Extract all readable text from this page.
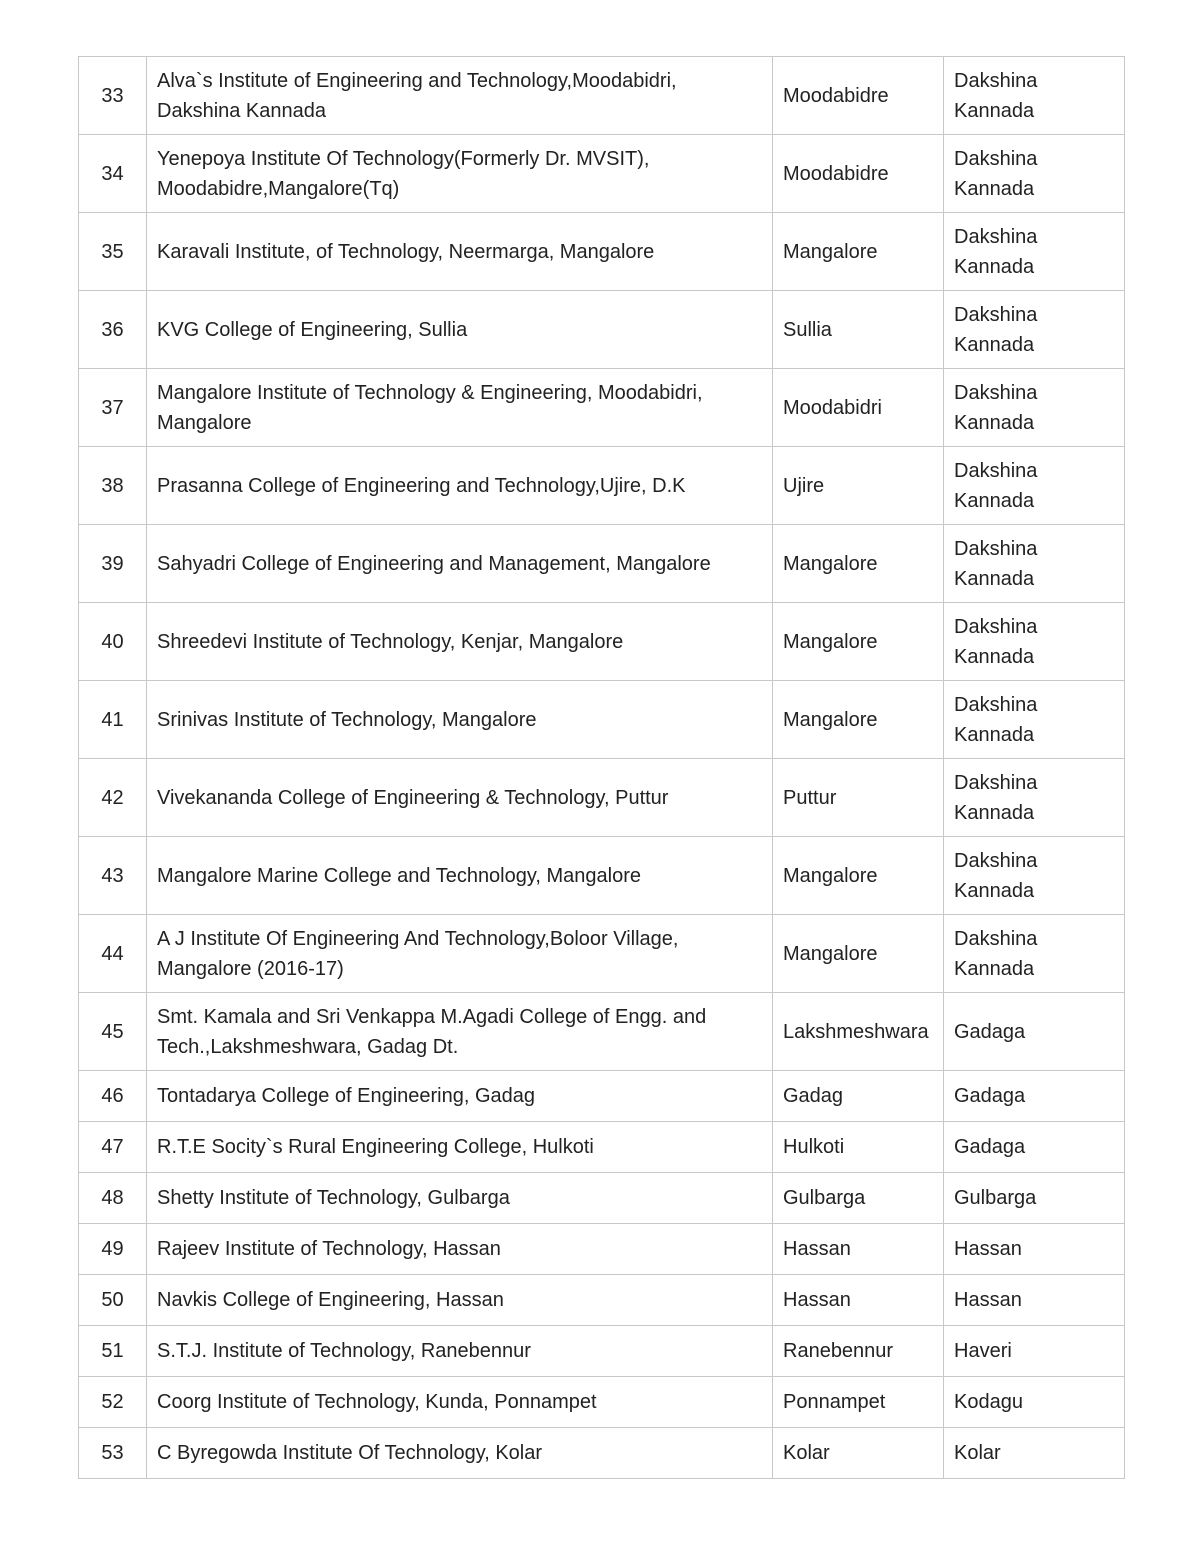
33	Alva`s Institute of Engineering and Technology,Moodabidri, Dakshina Kannada	Moodabidre	Dakshina Kannada
34	Yenepoya Institute Of Technology(Formerly Dr. MVSIT), Moodabidre,Mangalore(Tq)	Moodabidre	Dakshina Kannada
35	Karavali Institute, of Technology, Neermarga, Mangalore	Mangalore	Dakshina Kannada
36	KVG College of Engineering, Sullia	Sullia	Dakshina Kannada
37	Mangalore Institute of Technology & Engineering, Moodabidri, Mangalore	Moodabidri	Dakshina Kannada
38	Prasanna College of Engineering and Technology,Ujire, D.K	Ujire	Dakshina Kannada
39	Sahyadri College of Engineering and Management, Mangalore	Mangalore	Dakshina Kannada
40	Shreedevi Institute of Technology, Kenjar, Mangalore	Mangalore	Dakshina Kannada
41	Srinivas Institute of Technology, Mangalore	Mangalore	Dakshina Kannada
42	Vivekananda College of Engineering & Technology, Puttur	Puttur	Dakshina Kannada
43	Mangalore Marine College and Technology, Mangalore	Mangalore	Dakshina Kannada
44	A J Institute Of Engineering And Technology,Boloor Village, Mangalore (2016-17)	Mangalore	Dakshina Kannada
45	Smt. Kamala and Sri Venkappa M.Agadi College of Engg. and Tech.,Lakshmeshwara, Gadag Dt.	Lakshmeshwara	Gadaga
46	Tontadarya College of Engineering, Gadag	Gadag	Gadaga
47	R.T.E Socity`s Rural Engineering College, Hulkoti	Hulkoti	Gadaga
48	Shetty Institute of Technology, Gulbarga	Gulbarga	Gulbarga
49	Rajeev Institute of Technology, Hassan	Hassan	Hassan
50	Navkis College of Engineering, Hassan	Hassan	Hassan
51	S.T.J. Institute of Technology, Ranebennur	Ranebennur	Haveri
52	Coorg Institute of Technology, Kunda, Ponnampet	Ponnampet	Kodagu
53	C Byregowda Institute Of Technology, Kolar	Kolar	Kolar
